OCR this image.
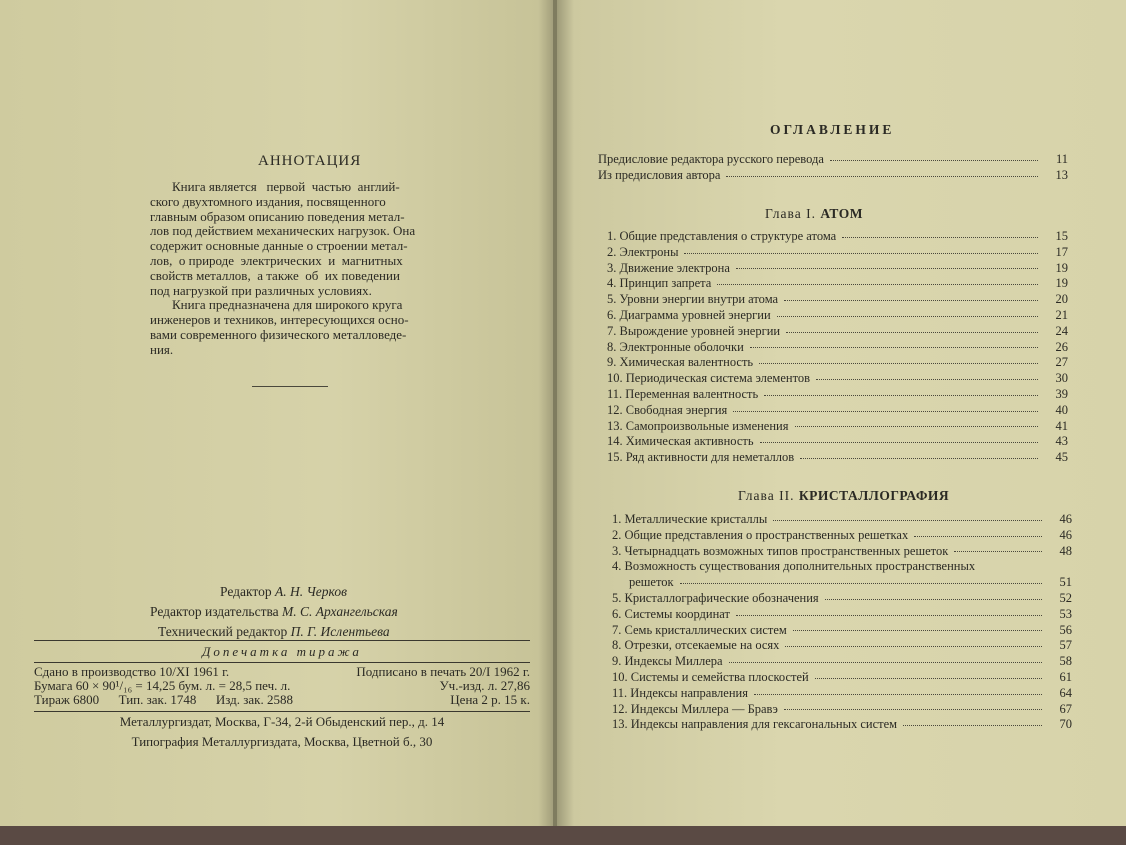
АННОТАЦИЯ
Книга является   первой  частью  англий-
ского двухтомного издания, посвященного
главным образом описанию поведения метал-
лов под действием механических нагрузок. Она
содержит основные данные о строении метал-
лов,  о природе  электрических  и  магнитных
свойств металлов,  а также  об  их поведении
под нагрузкой при различных условиях.
Книга предназначена для широкого круга
инженеров и техников, интересующихся осно-
вами современного физического металловеде-
ния.
Редактор А. Н. Черков
Редактор издательства М. С. Архангельская
Технический редактор П. Г. Ислентьева
Допечатка тиража
Сдано в производство 10/XI 1961 г.	Подписано в печать 20/I 1962 г.
Бумага 60 × 90¹/₁₆ = 14,25 бум. л. = 28,5 печ. л.	Уч.-изд. л. 27,86
Тираж 6800      Тип. зак. 1748      Изд. зак. 2588	Цена 2 р. 15 к.
Металлургиздат, Москва, Г-34, 2-й Обыденский пер., д. 14
Типография Металлургиздата, Москва, Цветной б., 30
ОГЛАВЛЕНИЕ
Предисловие редактора русского перевода	11
Из предисловия автора	13
Глава I. АТОМ
1. Общие представления о структуре атома	15
2. Электроны	17
3. Движение электрона	19
4. Принцип запрета	19
5. Уровни энергии внутри атома	20
6. Диаграмма уровней энергии	21
7. Вырождение уровней энергии	24
8. Электронные оболочки	26
9. Химическая валентность	27
10. Периодическая система элементов	30
11. Переменная валентность	39
12. Свободная энергия	40
13. Самопроизвольные изменения	41
14. Химическая активность	43
15. Ряд активности для неметаллов	45
Глава II. КРИСТАЛЛОГРАФИЯ
1. Металлические кристаллы	46
2. Общие представления о пространственных решетках	46
3. Четырнадцать возможных типов пространственных решеток	48
4. Возможность существования дополнительных пространственных
решеток	51
5. Кристаллографические обозначения	52
6. Системы координат	53
7. Семь кристаллических систем	56
8. Отрезки, отсекаемые на осях	57
9. Индексы Миллера	58
10. Системы и семейства плоскостей	61
11. Индексы направления	64
12. Индексы Миллера — Бравэ	67
13. Индексы направления для гексагональных систем	70
